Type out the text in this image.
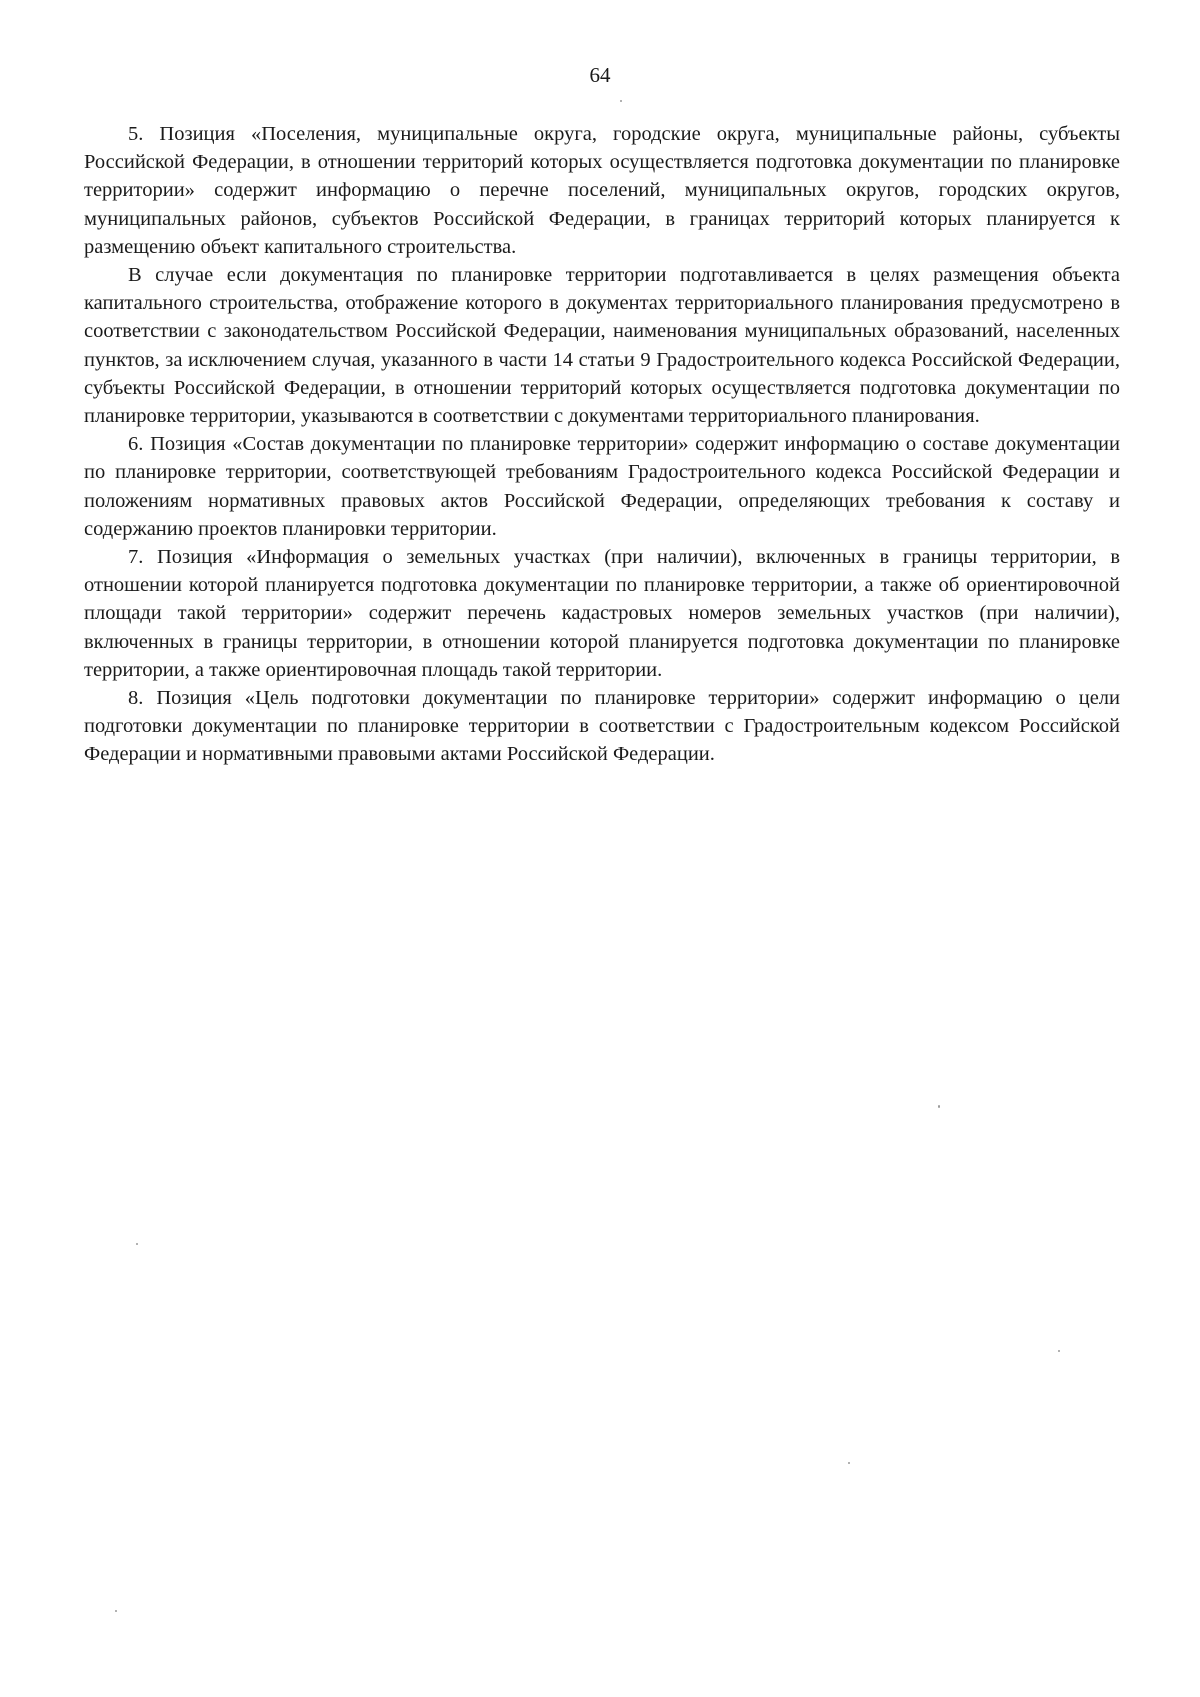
64

5. Позиция «Поселения, муниципальные округа, городские округа, муниципальные районы, субъекты Российской Федерации, в отношении территорий которых осуществляется подготовка документации по планировке территории» содержит информацию о перечне поселений, муниципальных округов, городских округов, муниципальных районов, субъектов Российской Федерации, в границах территорий которых планируется к размещению объект капитального строительства.

В случае если документация по планировке территории подготавливается в целях размещения объекта капитального строительства, отображение которого в документах территориального планирования предусмотрено в соответствии с законодательством Российской Федерации, наименования муниципальных образований, населенных пунктов, за исключением случая, указанного в части 14 статьи 9 Градостроительного кодекса Российской Федерации, субъекты Российской Федерации, в отношении территорий которых осуществляется подготовка документации по планировке территории, указываются в соответствии с документами территориального планирования.

6. Позиция «Состав документации по планировке территории» содержит информацию о составе документации по планировке территории, соответствующей требованиям Градостроительного кодекса Российской Федерации и положениям нормативных правовых актов Российской Федерации, определяющих требования к составу и содержанию проектов планировки территории.

7. Позиция «Информация о земельных участках (при наличии), включенных в границы территории, в отношении которой планируется подготовка документации по планировке территории, а также об ориентировочной площади такой территории» содержит перечень кадастровых номеров земельных участков (при наличии), включенных в границы территории, в отношении которой планируется подготовка документации по планировке территории, а также ориентировочная площадь такой территории.

8. Позиция «Цель подготовки документации по планировке территории» содержит информацию о цели подготовки документации по планировке территории в соответствии с Градостроительным кодексом Российской Федерации и нормативными правовыми актами Российской Федерации.
